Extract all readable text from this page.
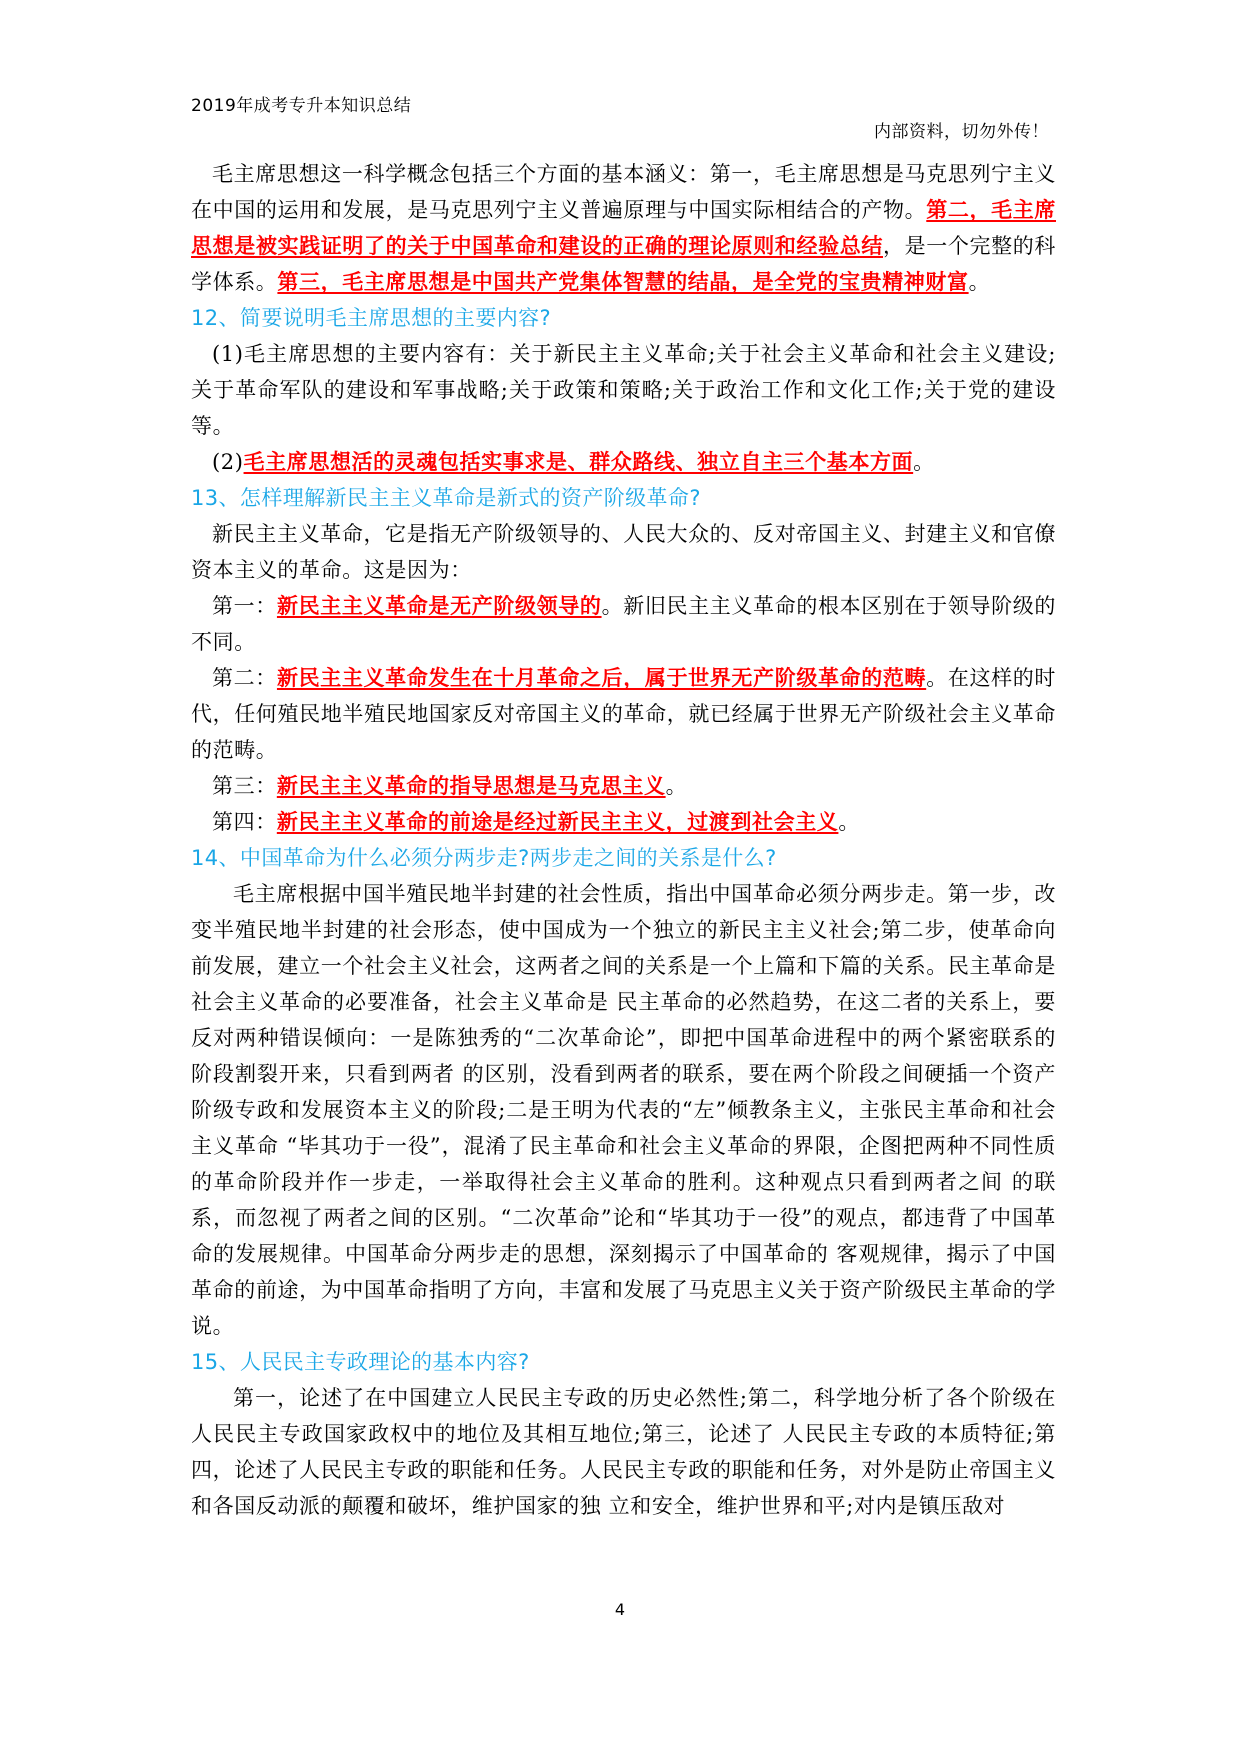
2019年成考专升本知识总结
内部资料，切勿外传！

毛主席思想这一科学概念包括三个方面的基本涵义：第一，毛主席思想是马克思列宁主义在中国的运用和发展，是马克思列宁主义普遍原理与中国实际相结合的产物。第二，毛主席思想是被实践证明了的关于中国革命和建设的正确的理论原则和经验总结，是一个完整的科学体系。第三，毛主席思想是中国共产党集体智慧的结晶，是全党的宝贵精神财富。

12、简要说明毛主席思想的主要内容?

(1)毛主席思想的主要内容有：关于新民主主义革命;关于社会主义革命和社会主义建设;关于革命军队的建设和军事战略;关于政策和策略;关于政治工作和文化工作;关于党的建设等。

(2)毛主席思想活的灵魂包括实事求是、群众路线、独立自主三个基本方面。

13、怎样理解新民主主义革命是新式的资产阶级革命?

新民主主义革命，它是指无产阶级领导的、人民大众的、反对帝国主义、封建主义和官僚资本主义的革命。这是因为：

第一：新民主主义革命是无产阶级领导的。新旧民主主义革命的根本区别在于领导阶级的不同。

第二：新民主主义革命发生在十月革命之后，属于世界无产阶级革命的范畴。在这样的时代，任何殖民地半殖民地国家反对帝国主义的革命，就已经属于世界无产阶级社会主义革命的范畴。

第三：新民主主义革命的指导思想是马克思主义。

第四：新民主主义革命的前途是经过新民主主义，过渡到社会主义。

14、中国革命为什么必须分两步走?两步走之间的关系是什么?

毛主席根据中国半殖民地半封建的社会性质，指出中国革命必须分两步走。第一步，改变半殖民地半封建的社会形态，使中国成为一个独立的新民主主义社会;第二步，使革命向前发展，建立一个社会主义社会，这两者之间的关系是一个上篇和下篇的关系。民主革命是社会主义革命的必要准备，社会主义革命是 民主革命的必然趋势，在这二者的关系上，要反对两种错误倾向：一是陈独秀的“二次革命论”，即把中国革命进程中的两个紧密联系的阶段割裂开来，只看到两者 的区别，没看到两者的联系，要在两个阶段之间硬插一个资产阶级专政和发展资本主义的阶段;二是王明为代表的“左”倾教条主义，主张民主革命和社会主义革命 “毕其功于一役”，混淆了民主革命和社会主义革命的界限，企图把两种不同性质的革命阶段并作一步走，一举取得社会主义革命的胜利。这种观点只看到两者之间 的联系，而忽视了两者之间的区别。“二次革命”论和“毕其功于一役”的观点，都违背了中国革命的发展规律。中国革命分两步走的思想，深刻揭示了中国革命的 客观规律，揭示了中国革命的前途，为中国革命指明了方向，丰富和发展了马克思主义关于资产阶级民主革命的学说。

15、人民民主专政理论的基本内容?

第一，论述了在中国建立人民民主专政的历史必然性;第二，科学地分析了各个阶级在人民民主专政国家政权中的地位及其相互地位;第三，论述了 人民民主专政的本质特征;第四，论述了人民民主专政的职能和任务。人民民主专政的职能和任务，对外是防止帝国主义和各国反动派的颠覆和破坏，维护国家的独 立和安全，维护世界和平;对内是镇压敌对

4
